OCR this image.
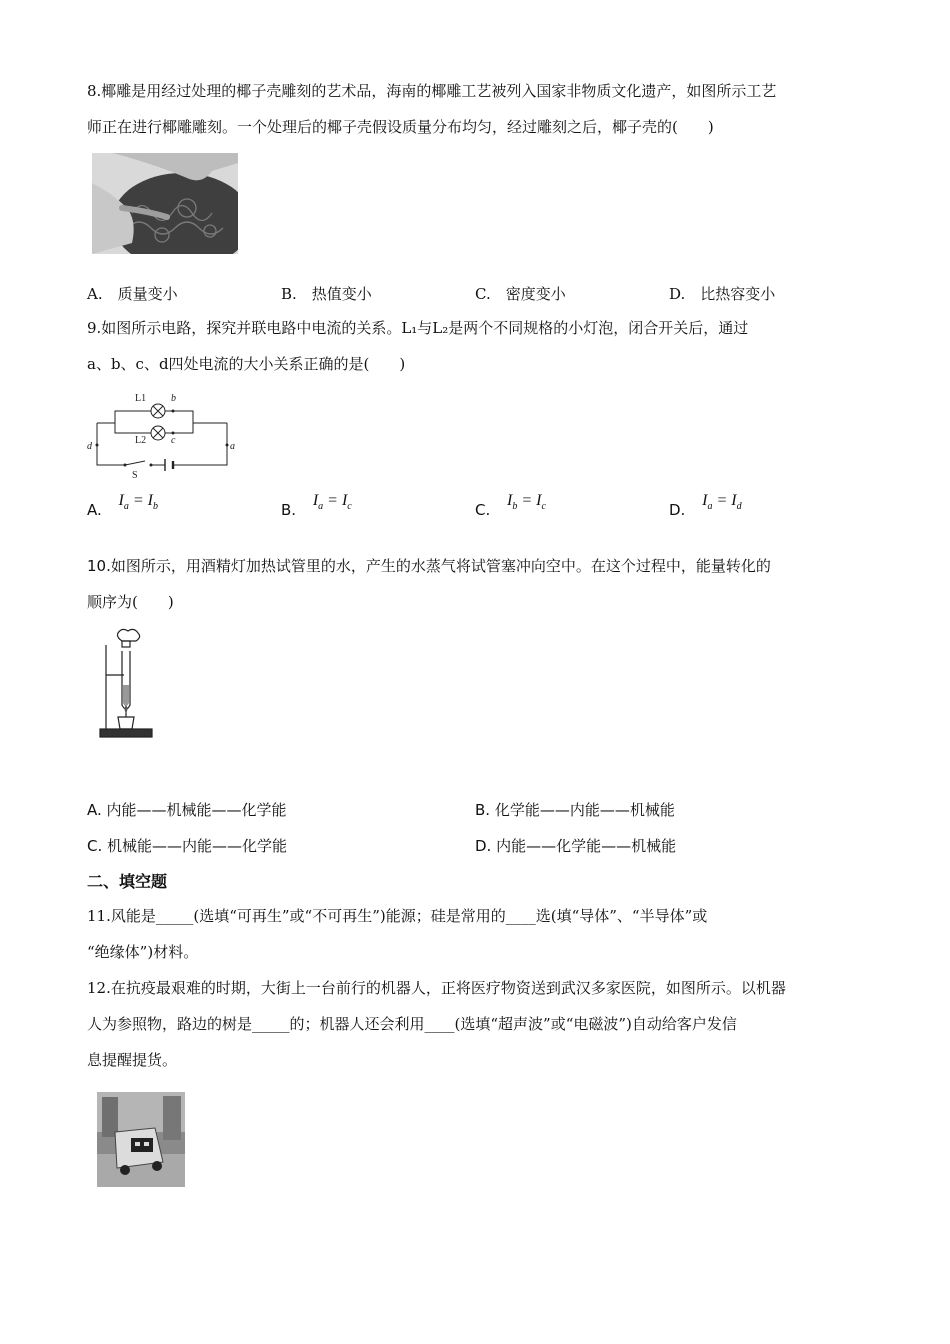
8.椰雕是用经过处理的椰子壳雕刻的艺术品，海南的椰雕工艺被列入国家非物质文化遗产，如图所示工艺
师正在进行椰雕雕刻。一个处理后的椰子壳假设质量分布均匀，经过雕刻之后，椰子壳的(　　)
A.　质量变小	B.　热值变小	C.　密度变小	D.　比热容变小
9.如图所示电路，探究并联电路中电流的关系。L₁与L₂是两个不同规格的小灯泡，闭合开关后，通过
a、b、c、d四处电流的大小关系正确的是(　　)
L1 b
L2 c
d	a
S
A. $I_a = I_b$	B. $I_a = I_c$	C. $I_b = I_c$	D. $I_a = I_d$
10.如图所示，用酒精灯加热试管里的水，产生的水蒸气将试管塞冲向空中。在这个过程中，能量转化的
顺序为(　　)
A. 内能——机械能——化学能	B. 化学能——内能——机械能
C. 机械能——内能——化学能	D. 内能——化学能——机械能
二、填空题
11.风能是_____(选填“可再生”或“不可再生”)能源；硅是常用的____选(填“导体”、“半导体”或
“绝缘体”)材料。
12.在抗疫最艰难的时期，大街上一台前行的机器人，正将医疗物资送到武汉多家医院，如图所示。以机器
人为参照物，路边的树是_____的；机器人还会利用____(选填“超声波”或“电磁波”)自动给客户发信
息提醒提货。
